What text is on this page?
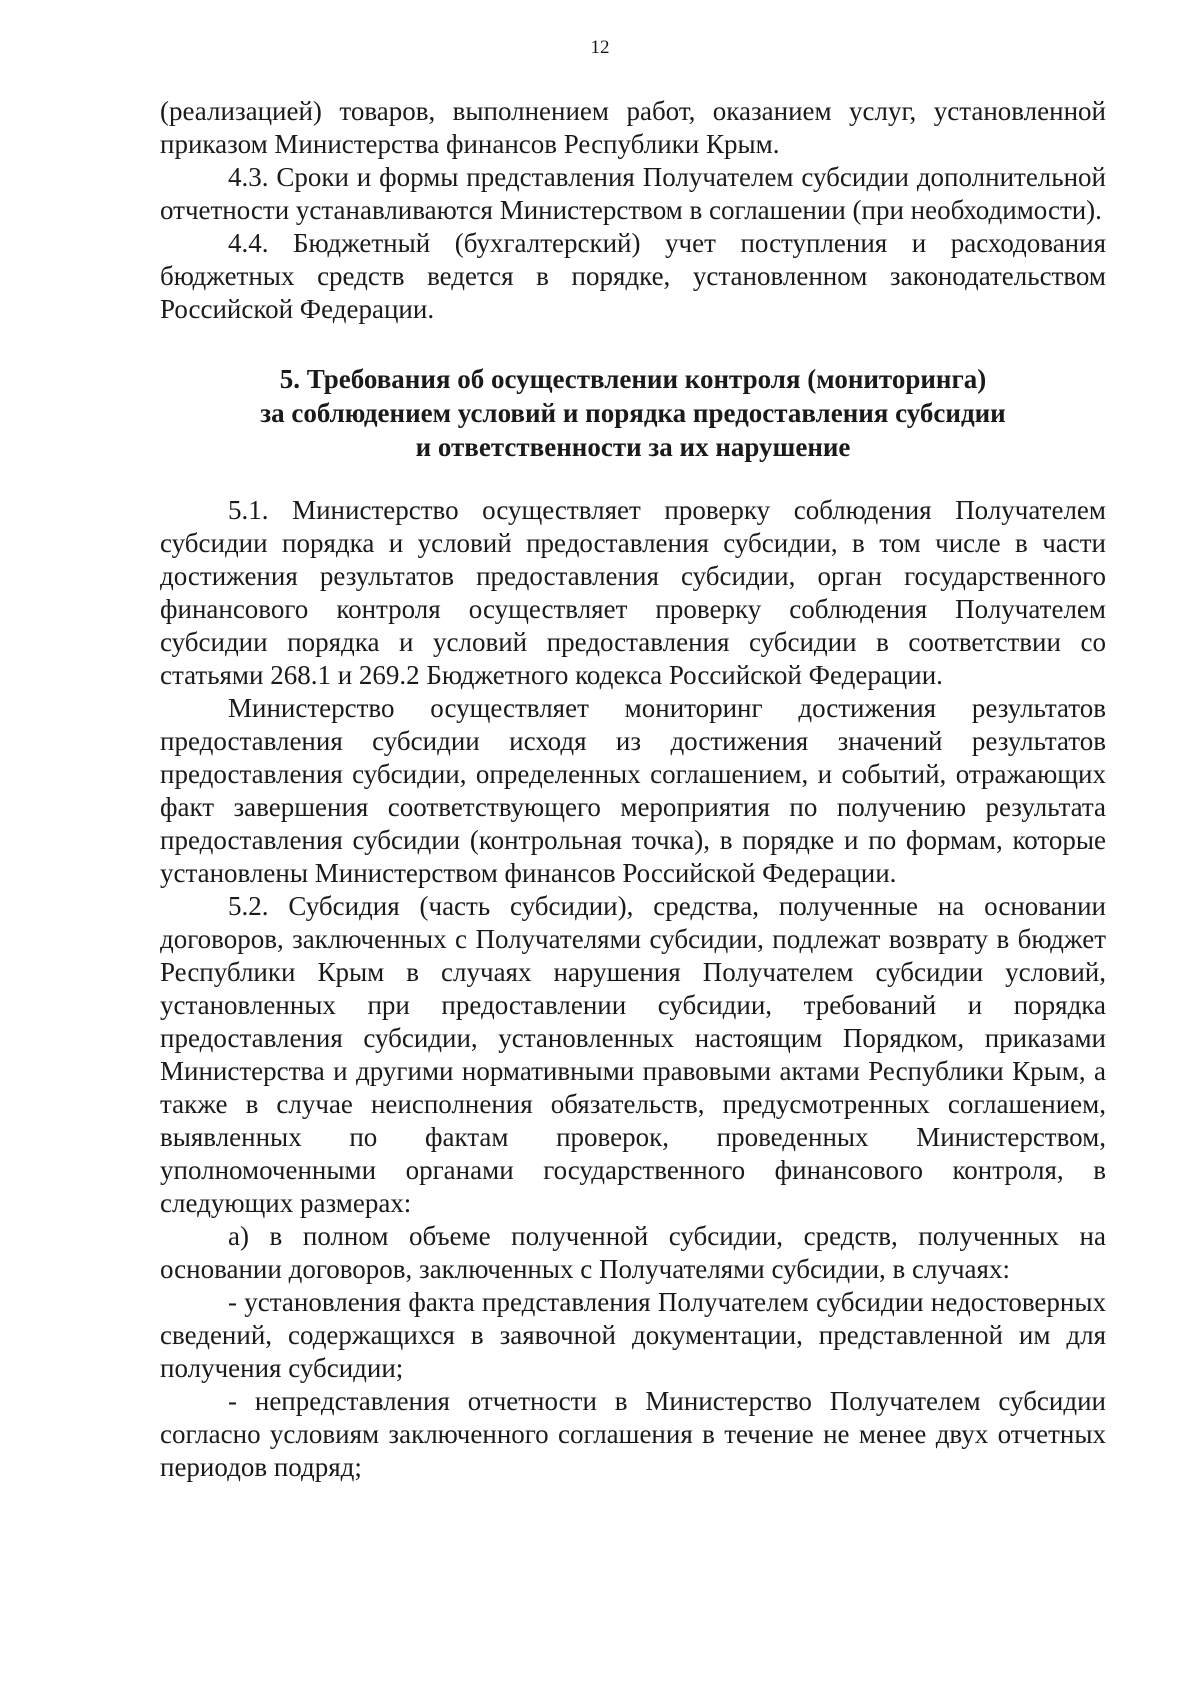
12

(реализацией) товаров, выполнением работ, оказанием услуг, установленной приказом Министерства финансов Республики Крым.

4.3. Сроки и формы представления Получателем субсидии дополнительной отчетности устанавливаются Министерством в соглашении (при необходимости).

4.4. Бюджетный (бухгалтерский) учет поступления и расходования бюджетных средств ведется в порядке, установленном законодательством Российской Федерации.

5. Требования об осуществлении контроля (мониторинга)
за соблюдением условий и порядка предоставления субсидии
и ответственности за их нарушение

5.1. Министерство осуществляет проверку соблюдения Получателем субсидии порядка и условий предоставления субсидии, в том числе в части достижения результатов предоставления субсидии, орган государственного финансового контроля осуществляет проверку соблюдения Получателем субсидии порядка и условий предоставления субсидии в соответствии со статьями 268.1 и 269.2 Бюджетного кодекса Российской Федерации.

Министерство осуществляет мониторинг достижения результатов предоставления субсидии исходя из достижения значений результатов предоставления субсидии, определенных соглашением, и событий, отражающих факт завершения соответствующего мероприятия по получению результата предоставления субсидии (контрольная точка), в порядке и по формам, которые установлены Министерством финансов Российской Федерации.

5.2. Субсидия (часть субсидии), средства, полученные на основании договоров, заключенных с Получателями субсидии, подлежат возврату в бюджет Республики Крым в случаях нарушения Получателем субсидии условий, установленных при предоставлении субсидии, требований и порядка предоставления субсидии, установленных настоящим Порядком, приказами Министерства и другими нормативными правовыми актами Республики Крым, а также в случае неисполнения обязательств, предусмотренных соглашением, выявленных по фактам проверок, проведенных Министерством, уполномоченными органами государственного финансового контроля, в следующих размерах:

а) в полном объеме полученной субсидии, средств, полученных на основании договоров, заключенных с Получателями субсидии, в случаях:

- установления факта представления Получателем субсидии недостоверных сведений, содержащихся в заявочной документации, представленной им для получения субсидии;

- непредставления отчетности в Министерство Получателем субсидии согласно условиям заключенного соглашения в течение не менее двух отчетных периодов подряд;
